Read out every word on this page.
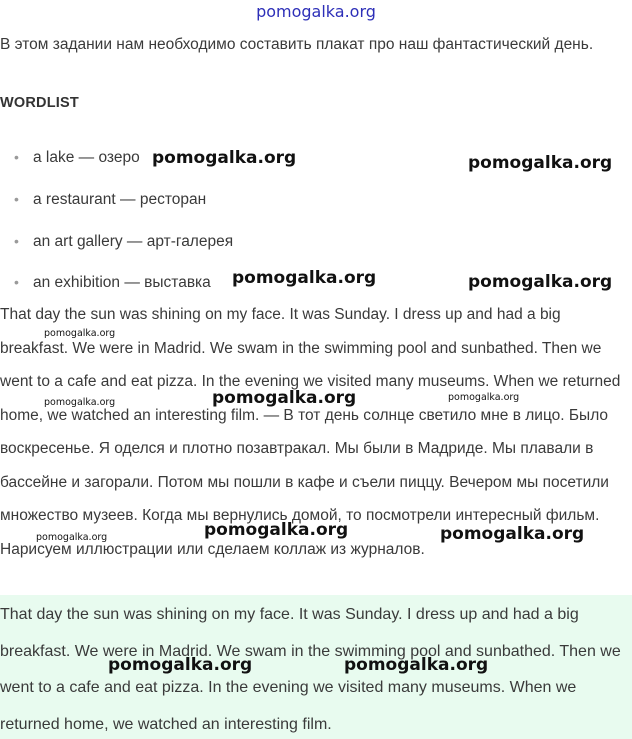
pomogalka.org

В этом задании нам необходимо составить плакат про наш фантастический день.

WORDLIST
• a lake — озеро
• a restaurant — ресторан
• an art gallery — арт-галерея
• an exhibition — выставка

That day the sun was shining on my face. It was Sunday. I dress up and had a big breakfast. We were in Madrid. We swam in the swimming pool and sunbathed. Then we went to a cafe and eat pizza. In the evening we visited many museums. When we returned home, we watched an interesting film. — В тот день солнце светило мне в лицо. Было воскресенье. Я оделся и плотно позавтракал. Мы были в Мадриде. Мы плавали в бассейне и загорали. Потом мы пошли в кафе и съели пиццу. Вечером мы посетили множество музеев. Когда мы вернулись домой, то посмотрели интересный фильм.
Нарисуем иллюстрации или сделаем коллаж из журналов.

That day the sun was shining on my face. It was Sunday. I dress up and had a big breakfast. We were in Madrid. We swam in the swimming pool and sunbathed. Then we went to a cafe and eat pizza. In the evening we visited many museums. When we returned home, we watched an interesting film.

pomogalka.org	pomogalka.org
pomogalka.org	pomogalka.org
pomogalka.org
pomogalka.org	pomogalka.org	pomogalka.org
pomogalka.org	pomogalka.org	pomogalka.org
pomogalka.org	pomogalka.org
